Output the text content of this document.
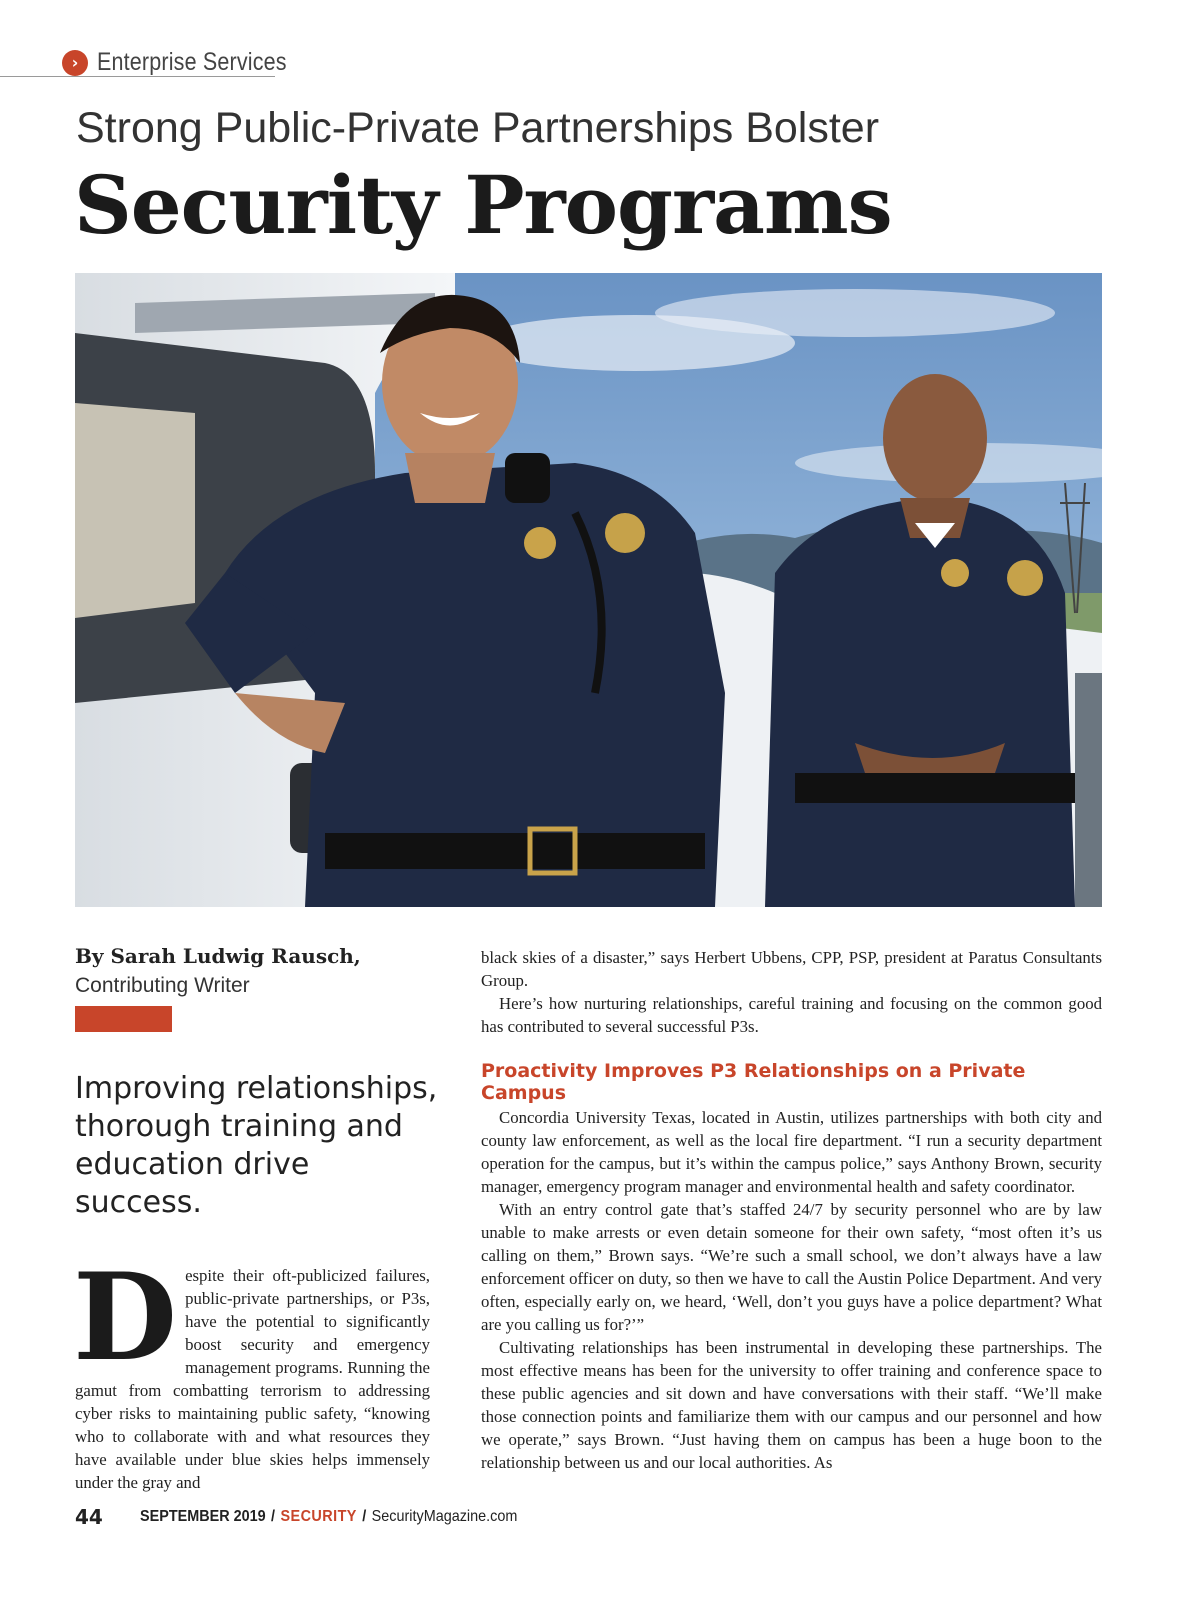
› Enterprise Services
Strong Public-Private Partnerships Bolster
Security Programs
By Sarah Ludwig Rausch,
Contributing Writer
Improving relationships, thorough training and education drive success.
D espite their oft-publicized failures, public-private partnerships, or P3s, have the potential to significantly boost security and emergency management programs. Running the gamut from combatting terrorism to addressing cyber risks to maintaining public safety, “knowing who to collaborate with and what resources they have available under blue skies helps immensely under the gray and

black skies of a disaster,” says Herbert Ubbens, CPP, PSP, president at Paratus Consultants Group.

Here’s how nurturing relationships, careful training and focusing on the common good has contributed to several successful P3s.

Proactivity Improves P3 Relationships on a Private Campus

Concordia University Texas, located in Austin, utilizes partnerships with both city and county law enforcement, as well as the local fire department. “I run a security department operation for the campus, but it’s within the campus police,” says Anthony Brown, security manager, emergency program manager and environmental health and safety coordinator.

With an entry control gate that’s staffed 24/7 by security personnel who are by law unable to make arrests or even detain someone for their own safety, “most often it’s us calling on them,” Brown says. “We’re such a small school, we don’t always have a law enforcement officer on duty, so then we have to call the Austin Police Department. And very often, especially early on, we heard, ‘Well, don’t you guys have a police department? What are you calling us for?’”

Cultivating relationships has been instrumental in developing these partnerships. The most effective means has been for the university to offer training and conference space to these public agencies and sit down and have conversations with their staff. “We’ll make those connection points and familiarize them with our campus and our personnel and how we operate,” says Brown. “Just having them on campus has been a huge boon to the relationship between us and our local authorities. As

44 SEPTEMBER 2019 / SECURITY / SecurityMagazine.com
